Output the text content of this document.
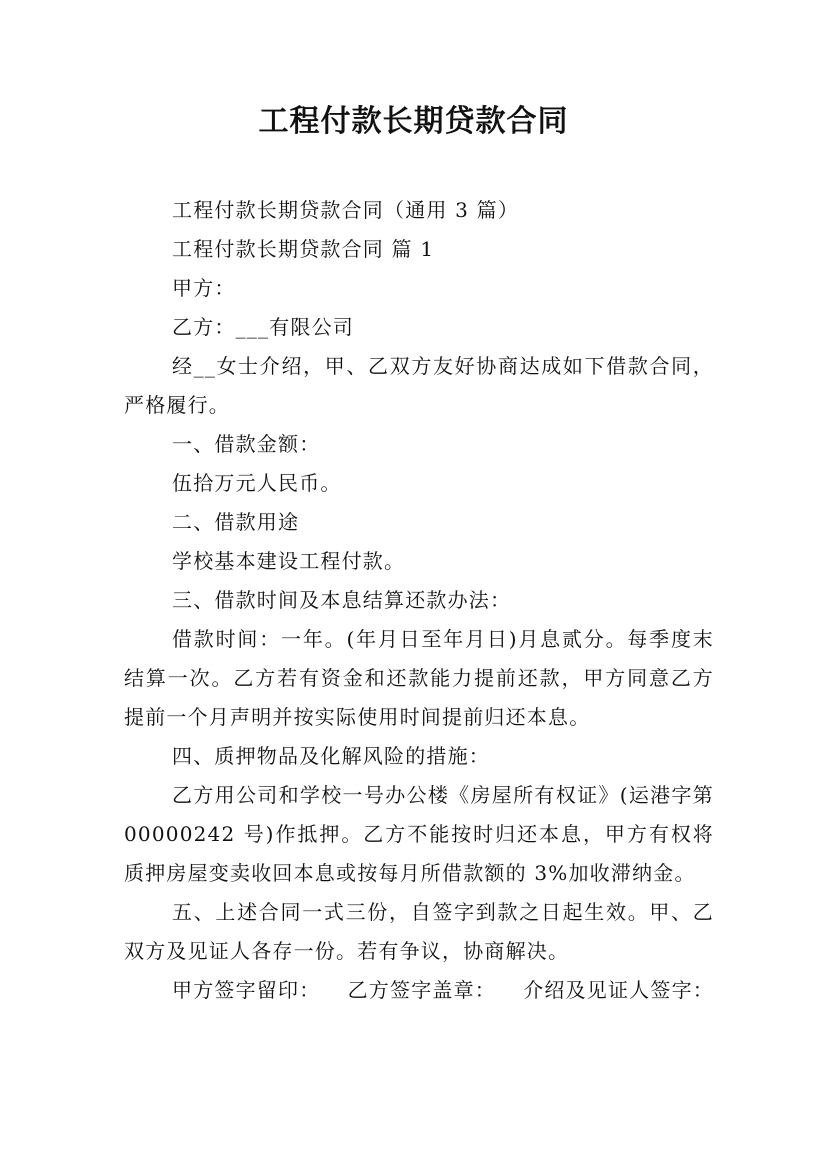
工程付款长期贷款合同

工程付款长期贷款合同（通用 3 篇）

工程付款长期贷款合同 篇 1

甲方：

乙方：___有限公司

经__女士介绍，甲、乙双方友好协商达成如下借款合同，严格履行。

一、借款金额：

伍拾万元人民币。

二、借款用途

学校基本建设工程付款。

三、借款时间及本息结算还款办法：

借款时间：一年。(年月日至年月日)月息贰分。每季度末结算一次。乙方若有资金和还款能力提前还款，甲方同意乙方提前一个月声明并按实际使用时间提前归还本息。

四、质押物品及化解风险的措施：

乙方用公司和学校一号办公楼《房屋所有权证》(运港字第 00000242 号)作抵押。乙方不能按时归还本息，甲方有权将质押房屋变卖收回本息或按每月所借款额的 3%加收滞纳金。

五、上述合同一式三份，自签字到款之日起生效。甲、乙双方及见证人各存一份。若有争议，协商解决。

甲方签字留印： 乙方签字盖章： 介绍及见证人签字：
